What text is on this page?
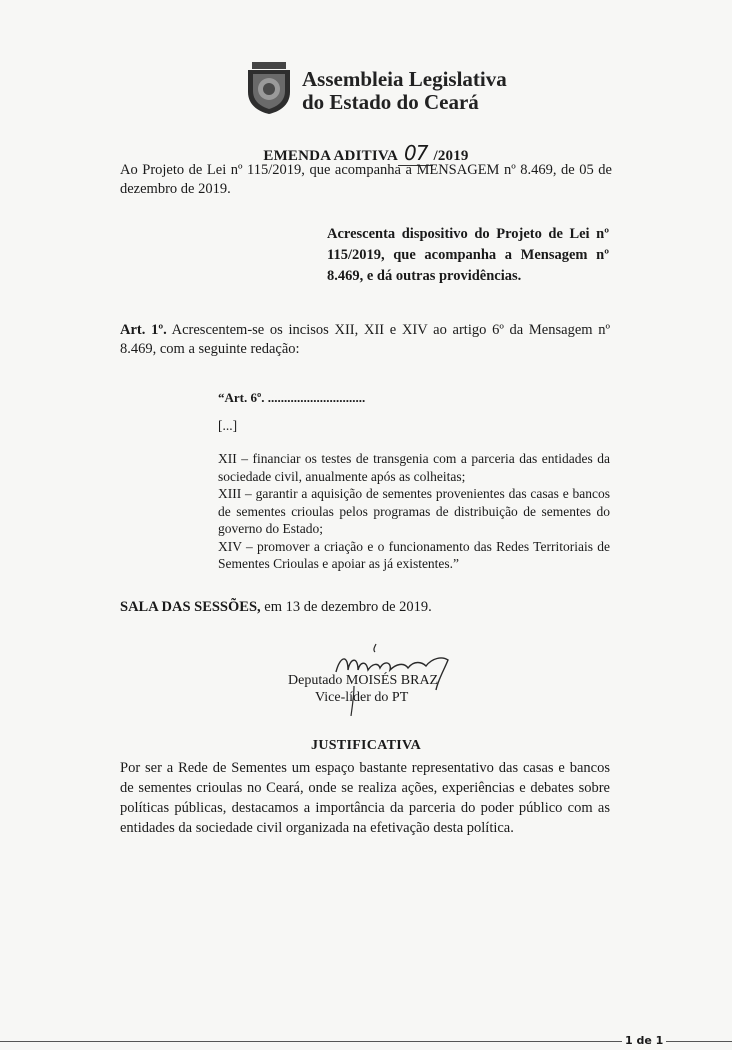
Assembleia Legislativa
do Estado do Ceará
EMENDA ADITIVA 07 /2019
Ao Projeto de Lei nº 115/2019, que acompanha a MENSAGEM nº 8.469, de 05 de dezembro de 2019.
Acrescenta dispositivo do Projeto de Lei nº 115/2019, que acompanha a Mensagem nº 8.469, e dá outras providências.
Art. 1º. Acrescentem-se os incisos XII, XII e XIV ao artigo 6º da Mensagem nº 8.469, com a seguinte redação:
“Art. 6º. ..............................
[...]

XII – financiar os testes de transgenia com a parceria das entidades da sociedade civil, anualmente após as colheitas;

XIII – garantir a aquisição de sementes provenientes das casas e bancos de sementes crioulas pelos programas de distribuição de sementes do governo do Estado;

XIV – promover a criação e o funcionamento das Redes Territoriais de Sementes Crioulas e apoiar as já existentes.”

SALA DAS SESSÕES, em 13 de dezembro de 2019.
Deputado MOISÉS BRAZ
Vice-líder do PT
JUSTIFICATIVA
Por ser a Rede de Sementes um espaço bastante representativo das casas e bancos de sementes crioulas no Ceará, onde se realiza ações, experiências e debates sobre políticas públicas, destacamos a importância da parceria do poder público com as entidades da sociedade civil organizada na efetivação desta política.
1 de 1
